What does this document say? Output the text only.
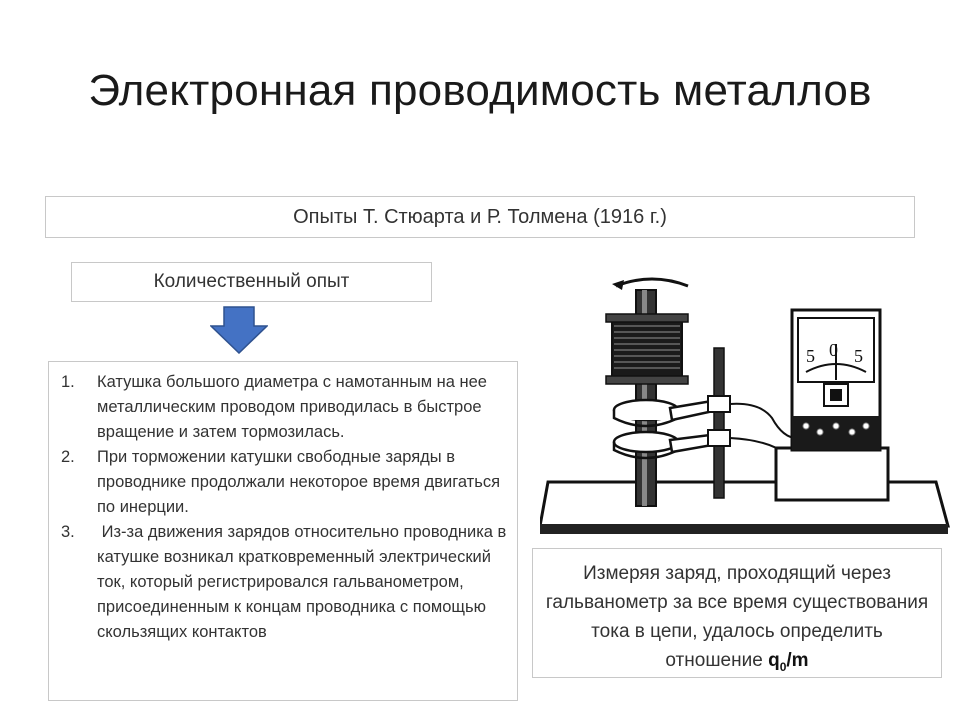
Электронная проводимость металлов
Опыты Т. Стюарта и Р. Толмена (1916 г.)
Количественный опыт
1.	Катушка большого диаметра с намотанным на нее металлическим проводом приводилась в быстрое вращение и затем тормозилась.
2.	При торможении катушки свободные заряды в проводнике продолжали некоторое время двигаться по инерции.
3.	Из-за движения зарядов относительно проводника в катушке возникал кратковременный электрический ток, который регистрировался гальванометром, присоединенным к концам проводника с помощью скользящих контактов
5 0 5
Измеряя заряд, проходящий через гальванометр за все время существования тока в цепи, удалось определить отношение $q_0/m$
